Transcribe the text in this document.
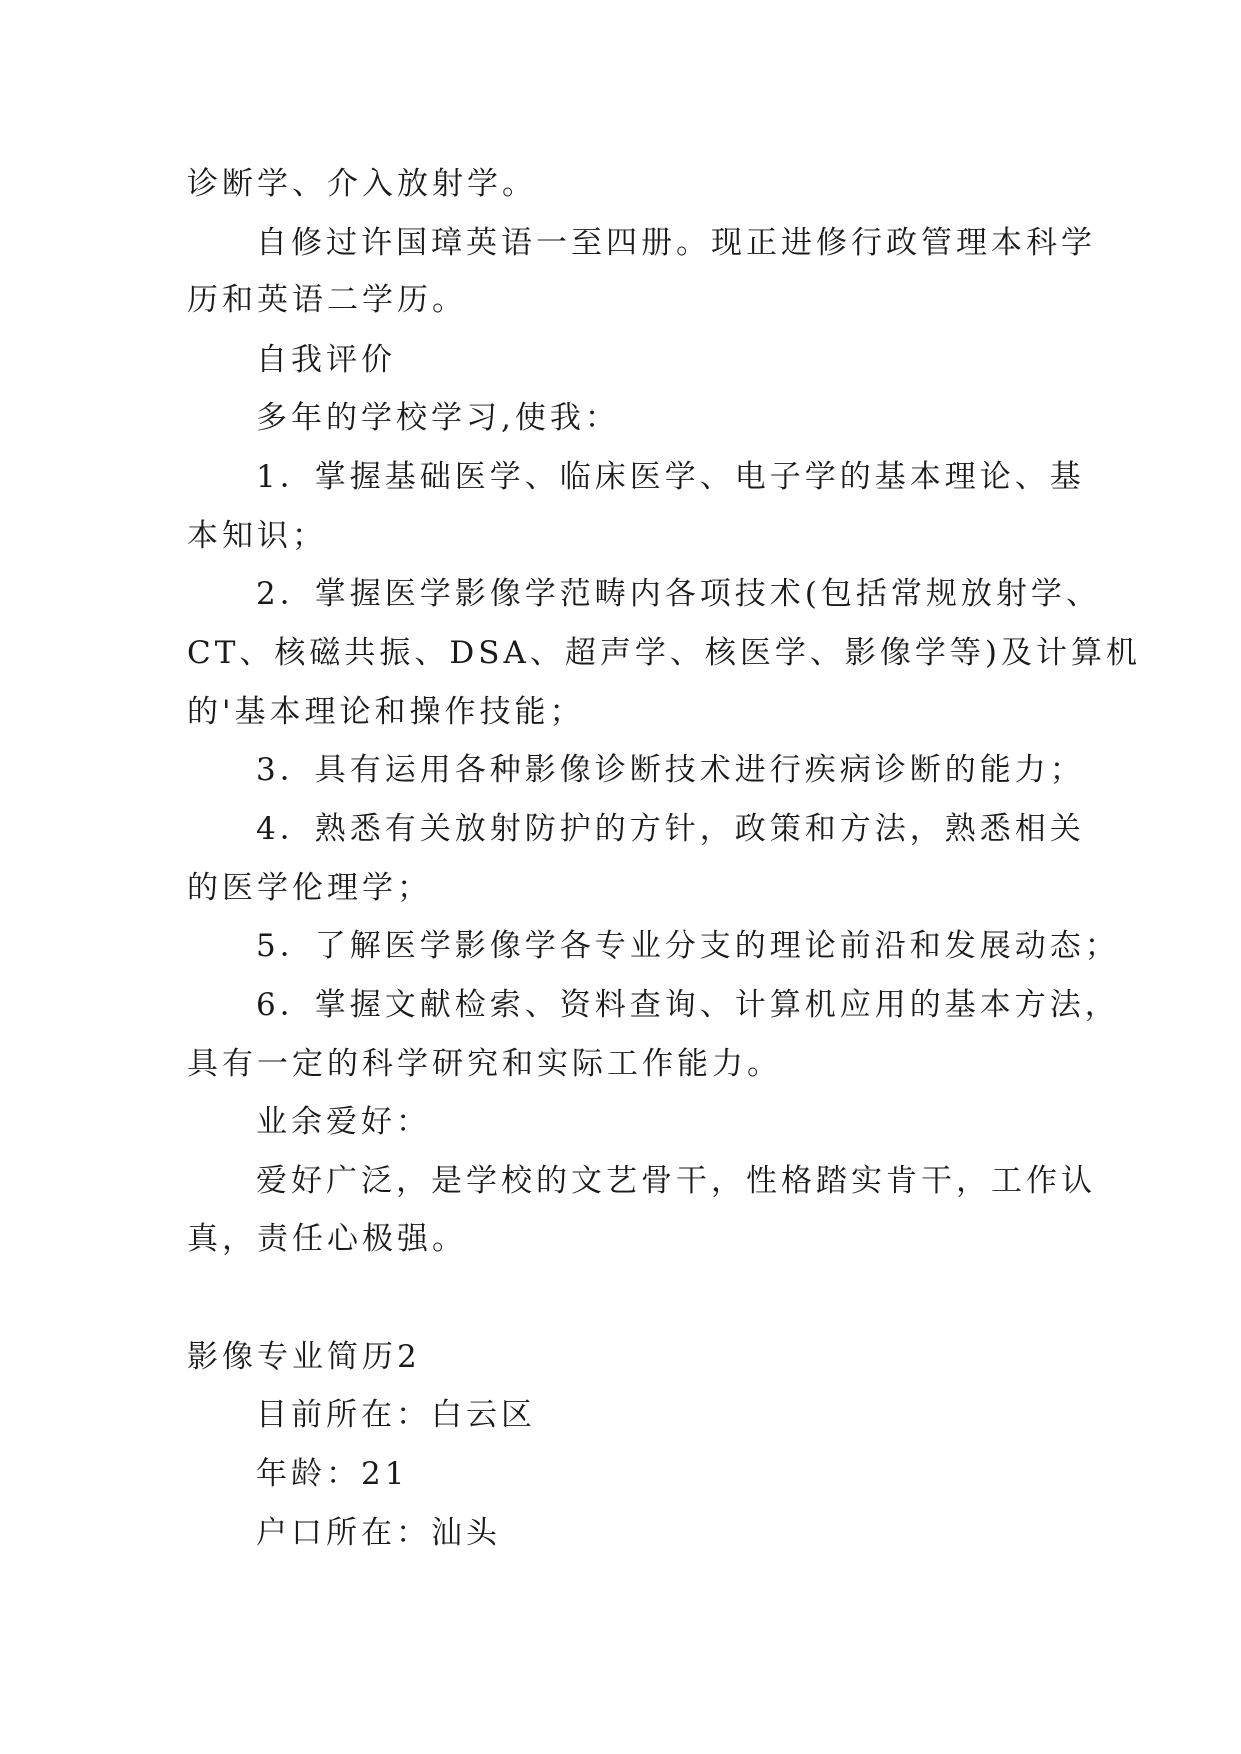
诊断学、介入放射学。
自修过许国璋英语一至四册。现正进修行政管理本科学
历和英语二学历。
自我评价
多年的学校学习,使我：
1．掌握基础医学、临床医学、电子学的基本理论、基
本知识；
2．掌握医学影像学范畴内各项技术(包括常规放射学、
CT、核磁共振、DSA、超声学、核医学、影像学等)及计算机
的'基本理论和操作技能；
3．具有运用各种影像诊断技术进行疾病诊断的能力；
4．熟悉有关放射防护的方针，政策和方法，熟悉相关
的医学伦理学；
5．了解医学影像学各专业分支的理论前沿和发展动态；
6．掌握文献检索、资料查询、计算机应用的基本方法，
具有一定的科学研究和实际工作能力。
业余爱好：
爱好广泛，是学校的文艺骨干，性格踏实肯干，工作认
真，责任心极强。
影像专业简历2
目前所在：白云区
年龄：21
户口所在：汕头
